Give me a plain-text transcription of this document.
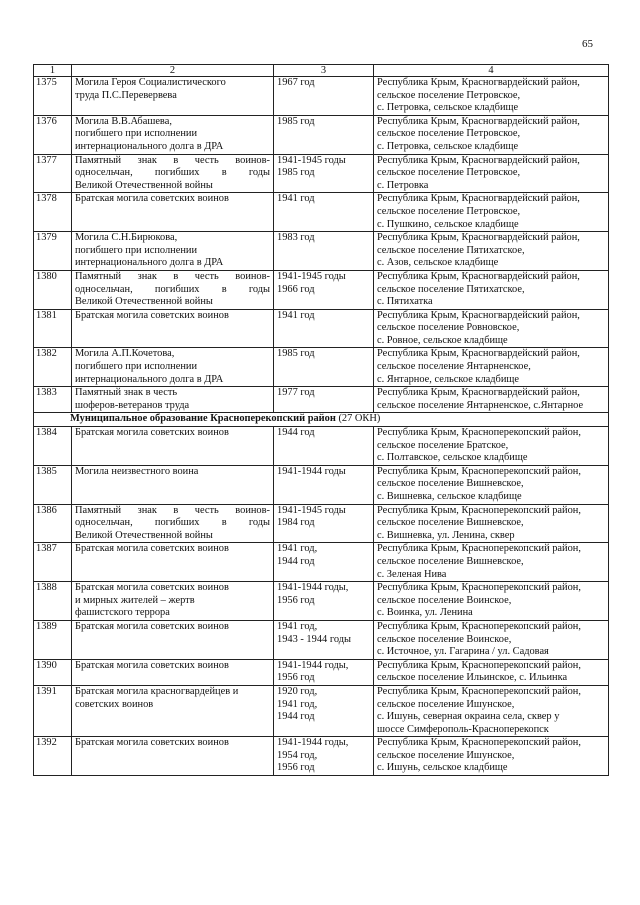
65
1	2	3	4
1375	Могила Героя Социалистического
труда П.С.Перевервева	1967 год	Республика Крым, Красногвардейский район,
сельское поселение Петровское,
с. Петровка, сельское кладбище

1376	Могила В.В.Абашева,
погибшего при исполнении
интернационального долга в ДРА	1985 год	Республика Крым, Красногвардейский район,
сельское поселение Петровское,
с. Петровка, сельское кладбище

1377	Памятный знак в честь воинов-
односельчан, погибших в годы
Великой Отечественной войны	1941-1945 годы
1985 год	Республика Крым, Красногвардейский район,
сельское поселение Петровское,
с. Петровка

1378	Братская могила советских воинов	1941 год	Республика Крым, Красногвардейский район,
сельское поселение Петровское,
с. Пушкино, сельское кладбище

1379	Могила С.Н.Бирюкова,
погибшего при исполнении
интернационального долга в ДРА	1983 год	Республика Крым, Красногвардейский район,
сельское поселение Пятихатское,
с. Азов, сельское кладбище

1380	Памятный знак в честь воинов-
односельчан, погибших в годы
Великой Отечественной войны	1941-1945 годы
1966 год	Республика Крым, Красногвардейский район,
сельское поселение Пятихатское,
с. Пятихатка

1381	Братская могила советских воинов	1941 год	Республика Крым, Красногвардейский район,
сельское поселение Ровновское,
с. Ровное, сельское кладбище

1382	Могила А.П.Кочетова,
погибшего при исполнении
интернационального долга в ДРА	1985 год	Республика Крым, Красногвардейский район,
сельское поселение Янтарненское,
с. Янтарное, сельское кладбище

1383	Памятный знак в честь
шоферов-ветеранов труда	1977 год	Республика Крым, Красногвардейский район,
сельское поселение Янтарненское, с.Янтарное

Муниципальное образование Красноперекопский район (27 ОКН)			
1384	Братская могила советских воинов	1944 год	Республика Крым, Красноперекопский район,
сельское поселение Братское,
с. Полтавское, сельское кладбище

1385	Могила неизвестного воина	1941-1944 годы	Республика Крым, Красноперекопский район,
сельское поселение Вишневское,
с. Вишневка, сельское кладбище

1386	Памятный знак в честь воинов-
односельчан, погибших в годы
Великой Отечественной войны	1941-1945 годы
1984 год	Республика Крым, Красноперекопский район,
сельское поселение Вишневское,
с. Вишневка, ул. Ленина, сквер

1387	Братская могила советских воинов	1941 год,
1944 год	Республика Крым, Красноперекопский район,
сельское поселение Вишневское,
с. Зеленая Нива

1388	Братская могила советских воинов
и мирных жителей – жертв
фашистского террора	1941-1944 годы,
1956 год	Республика Крым, Красноперекопский район,
сельское поселение Воинское,
с. Воинка, ул. Ленина

1389	Братская могила советских воинов	1941 год,
1943 - 1944 годы	Республика Крым, Красноперекопский район,
сельское поселение Воинское,
с. Источное, ул. Гагарина / ул. Садовая

1390	Братская могила советских воинов	1941-1944 годы,
1956 год	Республика Крым, Красноперекопский район,
сельское поселение Ильинское, с. Ильинка

1391	Братская могила красногвардейцев и
советских воинов	1920 год,
1941 год,
1944 год	Республика Крым, Красноперекопский район,
сельское поселение Ишунское,
с. Ишунь, северная окраина села, сквер у
шоссе Симферополь-Красноперекопск

1392	Братская могила советских воинов	1941-1944 годы,
1954 год,
1956 год	Республика Крым, Красноперекопский район,
сельское поселение Ишунское,
с. Ишунь, сельское кладбище
